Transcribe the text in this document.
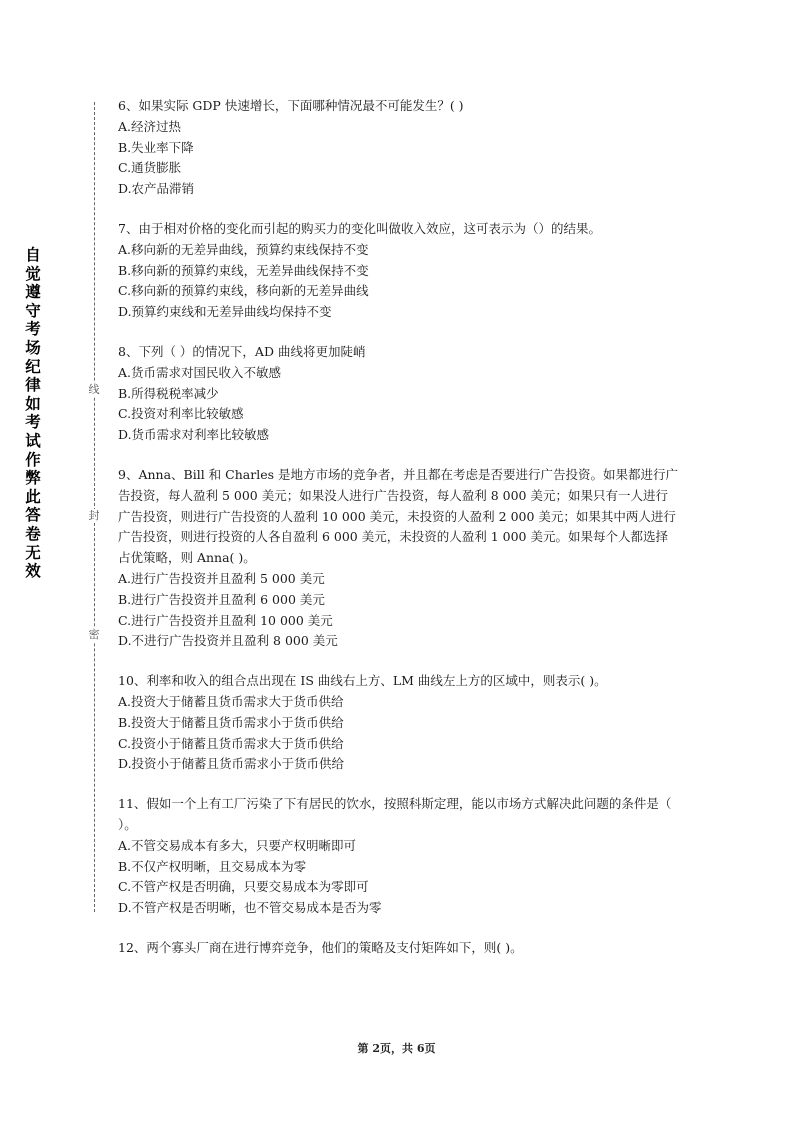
自觉遵守考场纪律如考试作弊此答卷无效
线
封
密

6、如果实际 GDP 快速增长，下面哪种情况最不可能发生？( )

A.经济过热

B.失业率下降

C.通货膨胀

D.农产品滞销

7、由于相对价格的变化而引起的购买力的变化叫做收入效应，这可表示为（）的结果。

A.移向新的无差异曲线，预算约束线保持不变

B.移向新的预算约束线，无差异曲线保持不变

C.移向新的预算约束线，移向新的无差异曲线

D.预算约束线和无差异曲线均保持不变

8、下列（ ）的情况下，AD 曲线将更加陡峭

A.货币需求对国民收入不敏感

B.所得税税率减少

C.投资对利率比较敏感

D.货币需求对利率比较敏感

9、Anna、Bill 和 Charles 是地方市场的竞争者，并且都在考虑是否要进行广告投资。如果都进行广告投资，每人盈利 5 000 美元；如果没人进行广告投资，每人盈利 8 000 美元；如果只有一人进行广告投资，则进行广告投资的人盈利 10 000 美元，未投资的人盈利 2 000 美元；如果其中两人进行广告投资，则进行投资的人各自盈利 6 000 美元，未投资的人盈利 1 000 美元。如果每个人都选择占优策略，则 Anna( )。

A.进行广告投资并且盈利 5 000 美元

B.进行广告投资并且盈利 6 000 美元

C.进行广告投资并且盈利 10 000 美元

D.不进行广告投资并且盈利 8 000 美元

10、利率和收入的组合点出现在 IS 曲线右上方、LM 曲线左上方的区域中，则表示( )。

A.投资大于储蓄且货币需求大于货币供给

B.投资大于储蓄且货币需求小于货币供给

C.投资小于储蓄且货币需求大于货币供给

D.投资小于储蓄且货币需求小于货币供给

11、假如一个上有工厂污染了下有居民的饮水，按照科斯定理，能以市场方式解决此问题的条件是（ ）。

A.不管交易成本有多大，只要产权明晰即可

B.不仅产权明晰，且交易成本为零

C.不管产权是否明确，只要交易成本为零即可

D.不管产权是否明晰，也不管交易成本是否为零

12、两个寡头厂商在进行博弈竞争，他们的策略及支付矩阵如下，则( )。

第 2页，共 6页
